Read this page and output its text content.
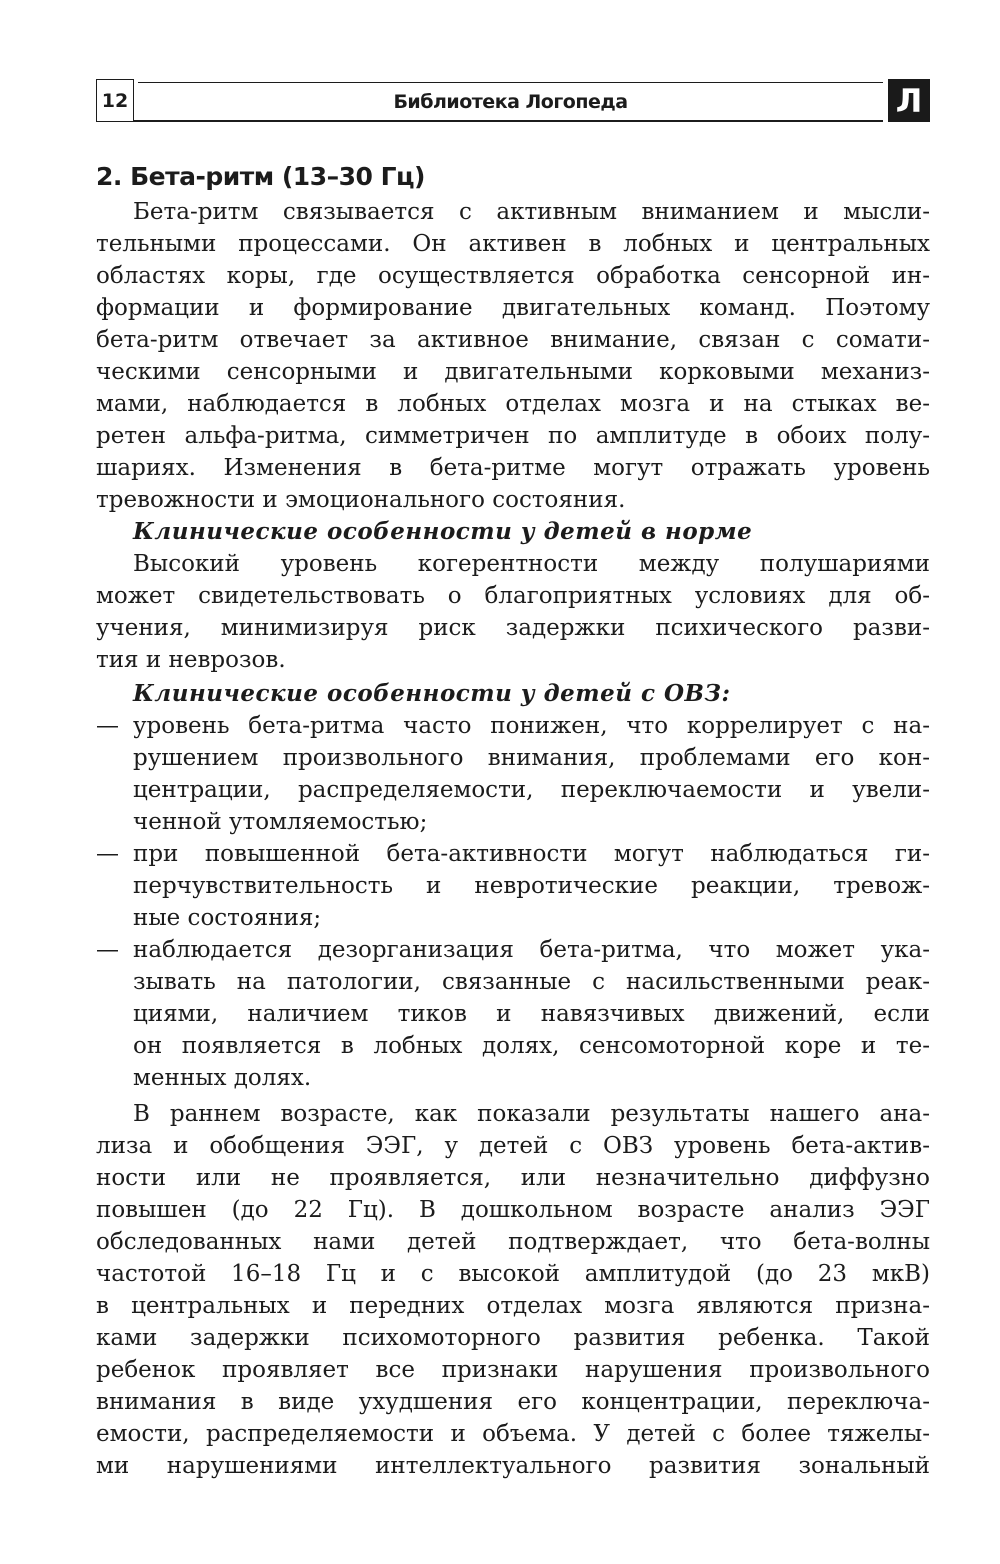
12	Библиотека Логопеда	Л
2. Бета-ритм (13–30 Гц)
Бета-ритм связывается с активным вниманием и мысли-
тельными процессами. Он активен в лобных и центральных
областях коры, где осуществляется обработка сенсорной ин-
формации и формирование двигательных команд. Поэтому
бета-ритм отвечает за активное внимание, связан с сомати-
ческими сенсорными и двигательными корковыми механиз-
мами, наблюдается в лобных отделах мозга и на стыках ве-
ретен альфа-ритма, симметричен по амплитуде в обоих полу-
шариях. Изменения в бета-ритме могут отражать уровень
тревожности и эмоционального состояния.
Клинические особенности у детей в норме
Высокий уровень когерентности между полушариями
может свидетельствовать о благоприятных условиях для об-
учения, минимизируя риск задержки психического разви-
тия и неврозов.
Клинические особенности у детей с ОВЗ:
— уровень бета-ритма часто понижен, что коррелирует с на-
рушением произвольного внимания, проблемами его кон-
центрации, распределяемости, переключаемости и увели-
ченной утомляемостью;
— при повышенной бета-активности могут наблюдаться ги-
перчувствительность и невротические реакции, тревож-
ные состояния;
— наблюдается дезорганизация бета-ритма, что может ука-
зывать на патологии, связанные с насильственными реак-
циями, наличием тиков и навязчивых движений, если
он появляется в лобных долях, сенсомоторной коре и те-
менных долях.
В раннем возрасте, как показали результаты нашего ана-
лиза и обобщения ЭЭГ, у детей с ОВЗ уровень бета-актив-
ности или не проявляется, или незначительно диффузно
повышен (до 22 Гц). В дошкольном возрасте анализ ЭЭГ
обследованных нами детей подтверждает, что бета-волны
частотой 16–18 Гц и с высокой амплитудой (до 23 мкВ)
в центральных и передних отделах мозга являются призна-
ками задержки психомоторного развития ребенка. Такой
ребенок проявляет все признаки нарушения произвольного
внимания в виде ухудшения его концентрации, переключа-
емости, распределяемости и объема. У детей с более тяжелы-
ми нарушениями интеллектуального развития зональный
